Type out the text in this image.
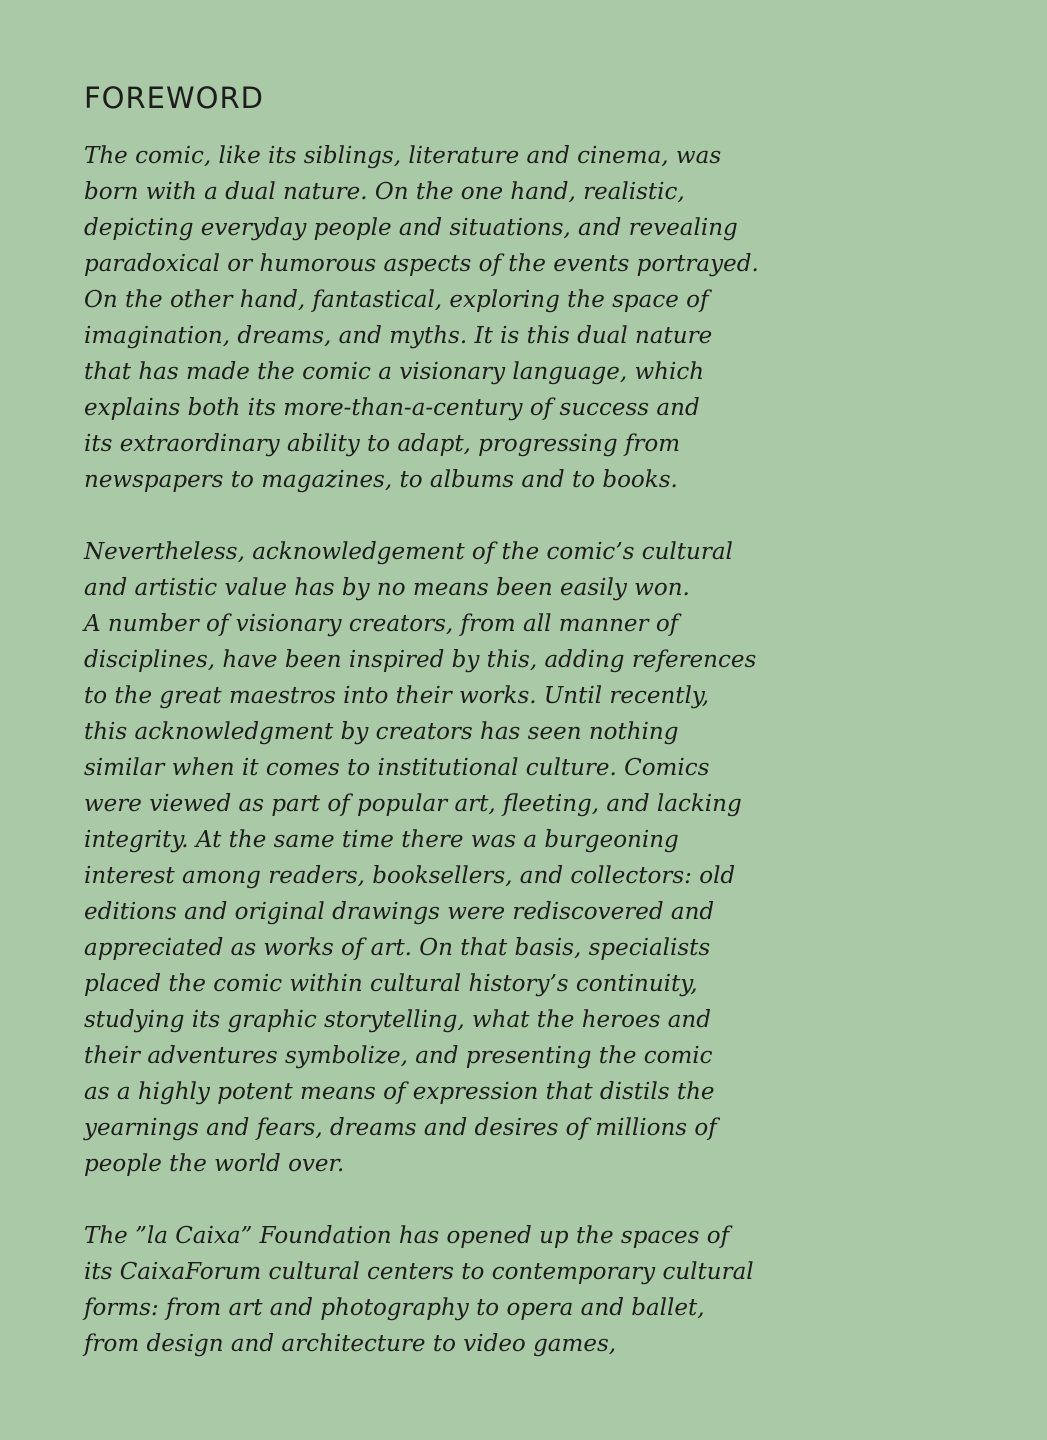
FOREWORD

The comic, like its siblings, literature and cinema, was
born with a dual nature. On the one hand, realistic,
depicting everyday people and situations, and revealing
paradoxical or humorous aspects of the events portrayed.
On the other hand, fantastical, exploring the space of
imagination, dreams, and myths. It is this dual nature
that has made the comic a visionary language, which
explains both its more-than-a-century of success and
its extraordinary ability to adapt, progressing from
newspapers to magazines, to albums and to books.

Nevertheless, acknowledgement of the comic’s cultural
and artistic value has by no means been easily won.
A number of visionary creators, from all manner of
disciplines, have been inspired by this, adding references
to the great maestros into their works. Until recently,
this acknowledgment by creators has seen nothing
similar when it comes to institutional culture. Comics
were viewed as part of popular art, fleeting, and lacking
integrity. At the same time there was a burgeoning
interest among readers, booksellers, and collectors: old
editions and original drawings were rediscovered and
appreciated as works of art. On that basis, specialists
placed the comic within cultural history’s continuity,
studying its graphic storytelling, what the heroes and
their adventures symbolize, and presenting the comic
as a highly potent means of expression that distils the
yearnings and fears, dreams and desires of millions of
people the world over.

The ”la Caixa” Foundation has opened up the spaces of
its CaixaForum cultural centers to contemporary cultural
forms: from art and photography to opera and ballet,
from design and architecture to video games,
